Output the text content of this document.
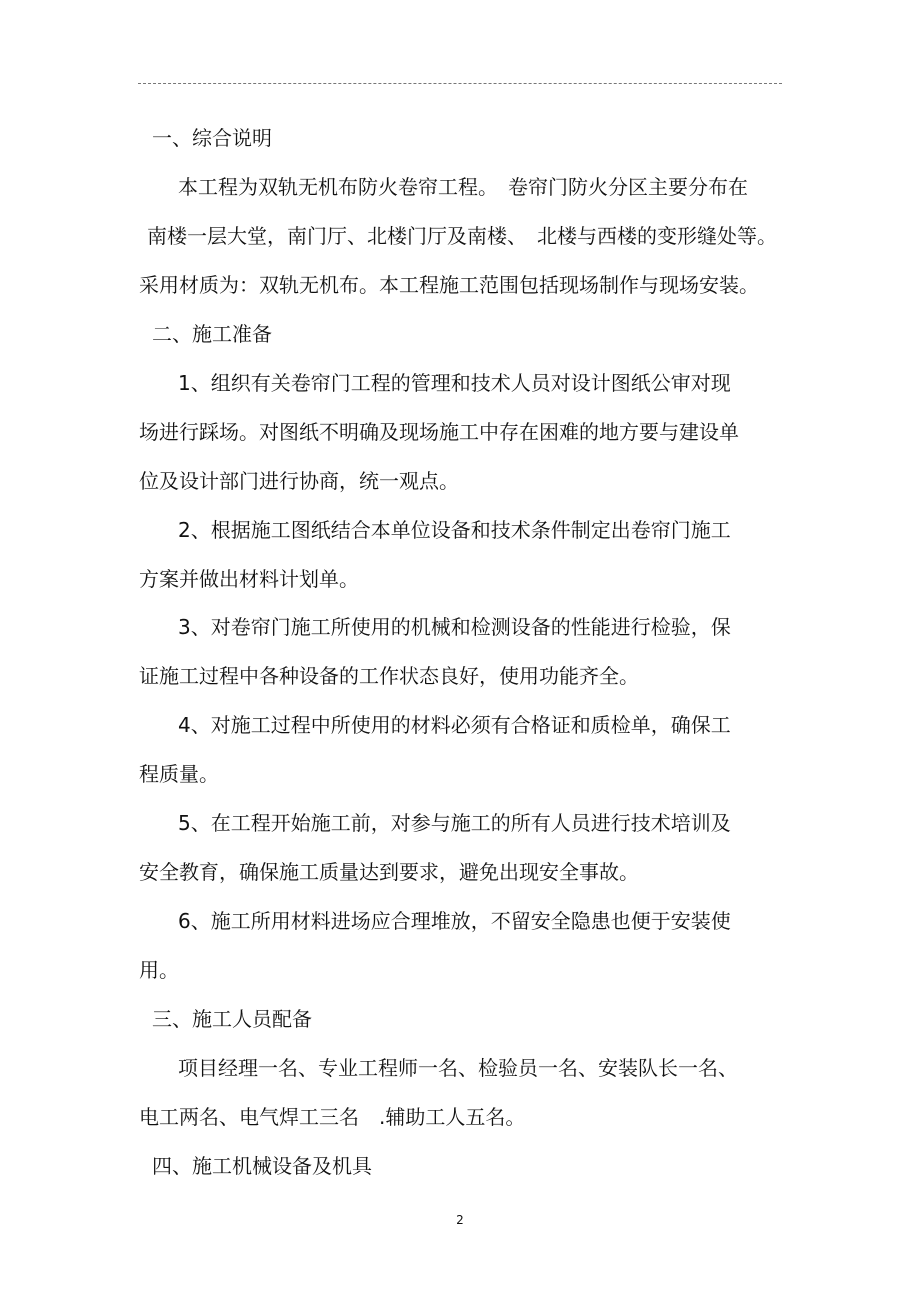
一、综合说明
本工程为双轨无机布防火卷帘工程。　卷帘门防火分区主要分布在
南楼一层大堂，南门厅、北楼门厅及南楼、　北楼与西楼的变形缝处等。
采用材质为：双轨无机布。本工程施工范围包括现场制作与现场安装。
二、施工准备
1、组织有关卷帘门工程的管理和技术人员对设计图纸公审对现
场进行踩场。对图纸不明确及现场施工中存在困难的地方要与建设单
位及设计部门进行协商，统一观点。
2、根据施工图纸结合本单位设备和技术条件制定出卷帘门施工
方案并做出材料计划单。
3、对卷帘门施工所使用的机械和检测设备的性能进行检验，保
证施工过程中各种设备的工作状态良好，使用功能齐全。
4、对施工过程中所使用的材料必须有合格证和质检单，确保工
程质量。
5、在工程开始施工前，对参与施工的所有人员进行技术培训及
安全教育，确保施工质量达到要求，避免出现安全事故。
6、施工所用材料进场应合理堆放，不留安全隐患也便于安装使
用。
三、施工人员配备
项目经理一名、专业工程师一名、检验员一名、安装队长一名、
电工两名、电气焊工三名　.辅助工人五名。
四、施工机械设备及机具
2
